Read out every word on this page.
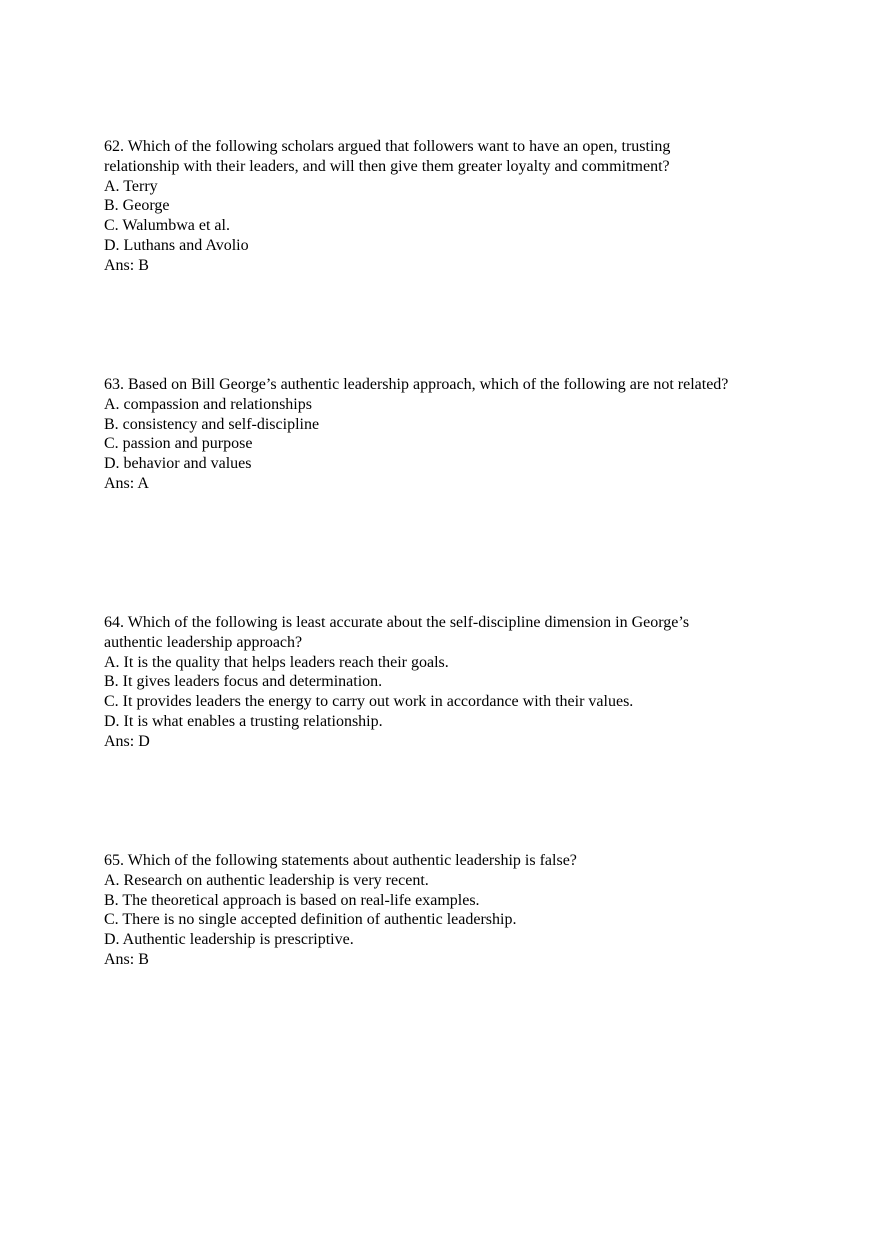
62. Which of the following scholars argued that followers want to have an open, trusting relationship with their leaders, and will then give them greater loyalty and commitment?

A. Terry
B. George
C. Walumbwa et al.
D. Luthans and Avolio

Ans: B

63. Based on Bill George’s authentic leadership approach, which of the following are not related?

A. compassion and relationships
B. consistency and self-discipline
C. passion and purpose
D. behavior and values

Ans: A

64. Which of the following is least accurate about the self-discipline dimension in George’s authentic leadership approach?

A. It is the quality that helps leaders reach their goals.
B. It gives leaders focus and determination.
C. It provides leaders the energy to carry out work in accordance with their values.
D. It is what enables a trusting relationship.

Ans: D

65. Which of the following statements about authentic leadership is false?

A. Research on authentic leadership is very recent.
B. The theoretical approach is based on real-life examples.
C. There is no single accepted definition of authentic leadership.
D. Authentic leadership is prescriptive.

Ans: B
